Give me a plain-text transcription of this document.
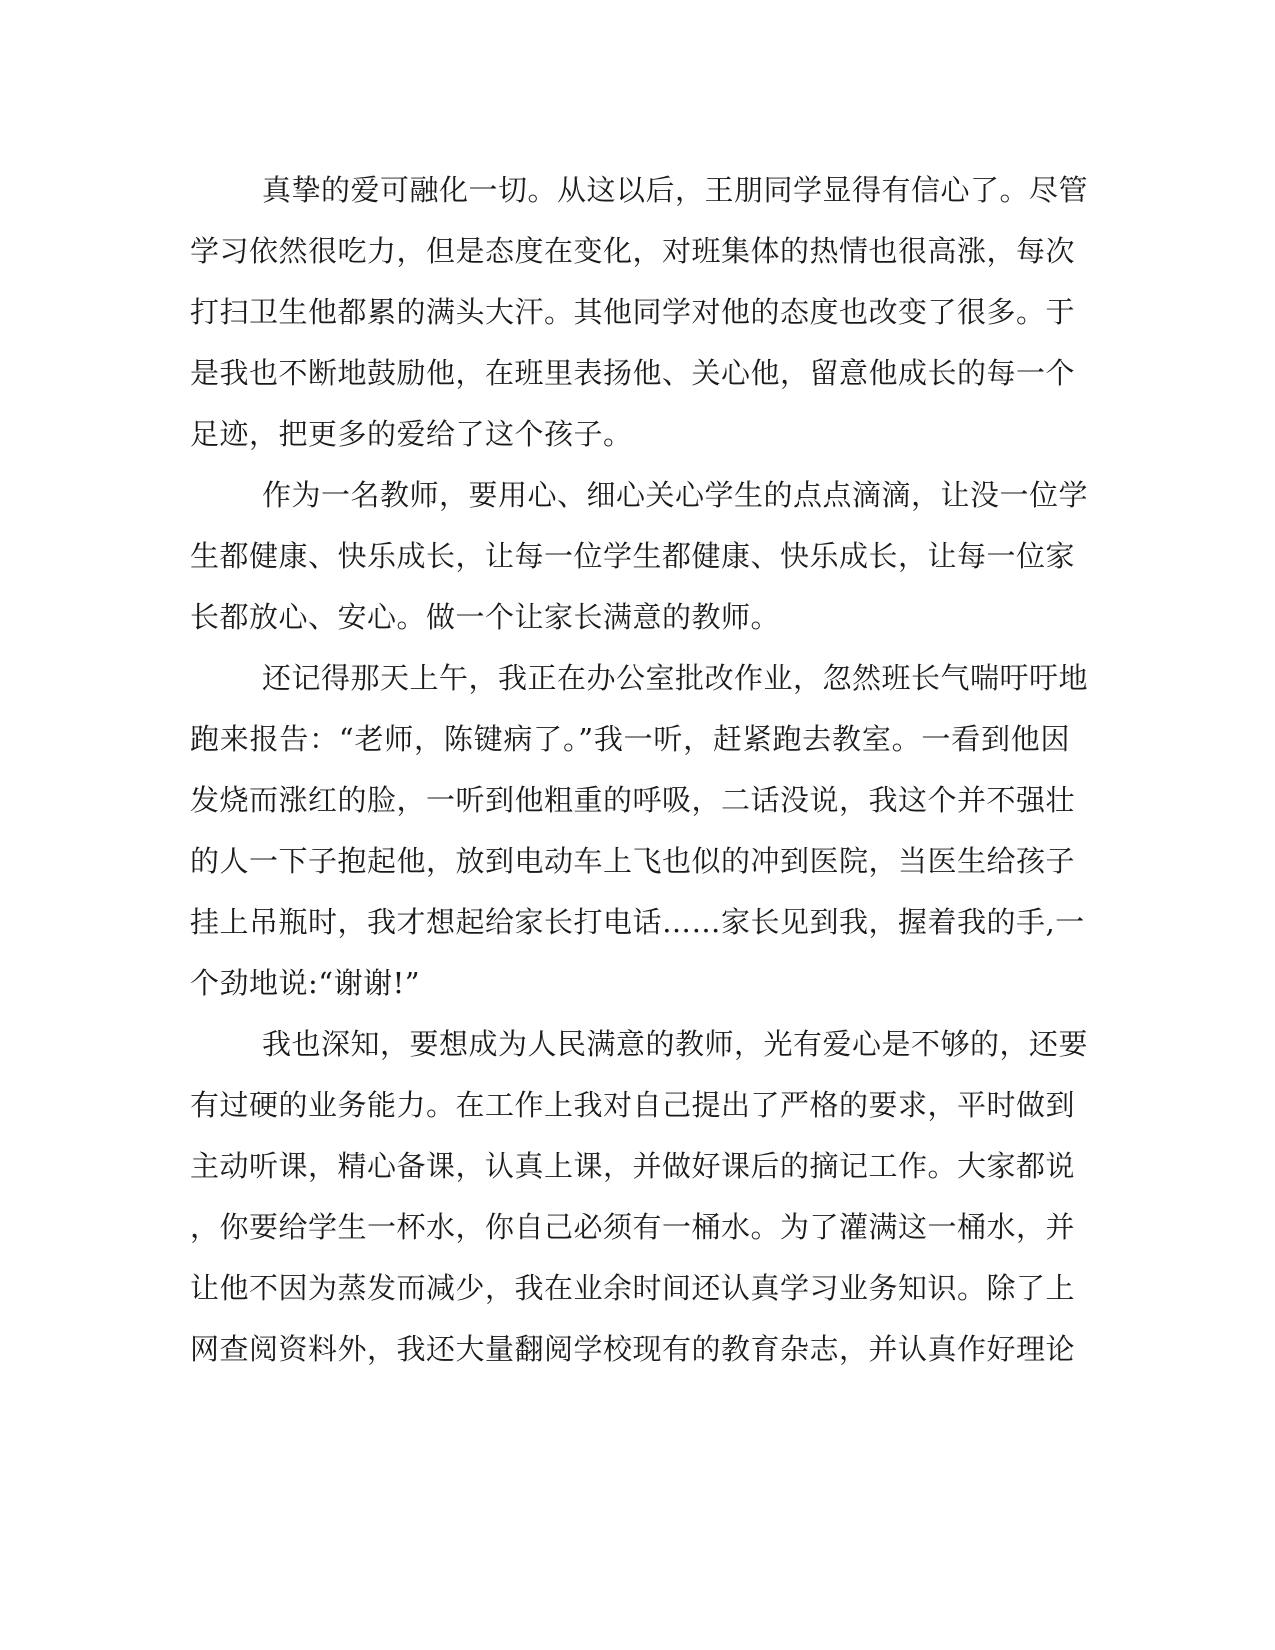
真挚的爱可融化一切。从这以后，王朋同学显得有信心了。尽管
学习依然很吃力，但是态度在变化，对班集体的热情也很高涨，每次
打扫卫生他都累的满头大汗。其他同学对他的态度也改变了很多。于
是我也不断地鼓励他，在班里表扬他、关心他，留意他成长的每一个
足迹，把更多的爱给了这个孩子。
作为一名教师，要用心、细心关心学生的点点滴滴，让没一位学
生都健康、快乐成长，让每一位学生都健康、快乐成长，让每一位家
长都放心、安心。做一个让家长满意的教师。
还记得那天上午，我正在办公室批改作业，忽然班长气喘吁吁地
跑来报告：“老师，陈键病了。”我一听，赶紧跑去教室。一看到他因
发烧而涨红的脸，一听到他粗重的呼吸，二话没说，我这个并不强壮
的人一下子抱起他，放到电动车上飞也似的冲到医院，当医生给孩子
挂上吊瓶时，我才想起给家长打电话……家长见到我，握着我的手,一
个劲地说:“谢谢!”
我也深知，要想成为人民满意的教师，光有爱心是不够的，还要
有过硬的业务能力。在工作上我对自己提出了严格的要求，平时做到
主动听课，精心备课，认真上课，并做好课后的摘记工作。大家都说
，你要给学生一杯水，你自己必须有一桶水。为了灌满这一桶水，并
让他不因为蒸发而减少，我在业余时间还认真学习业务知识。除了上
网查阅资料外，我还大量翻阅学校现有的教育杂志，并认真作好理论
